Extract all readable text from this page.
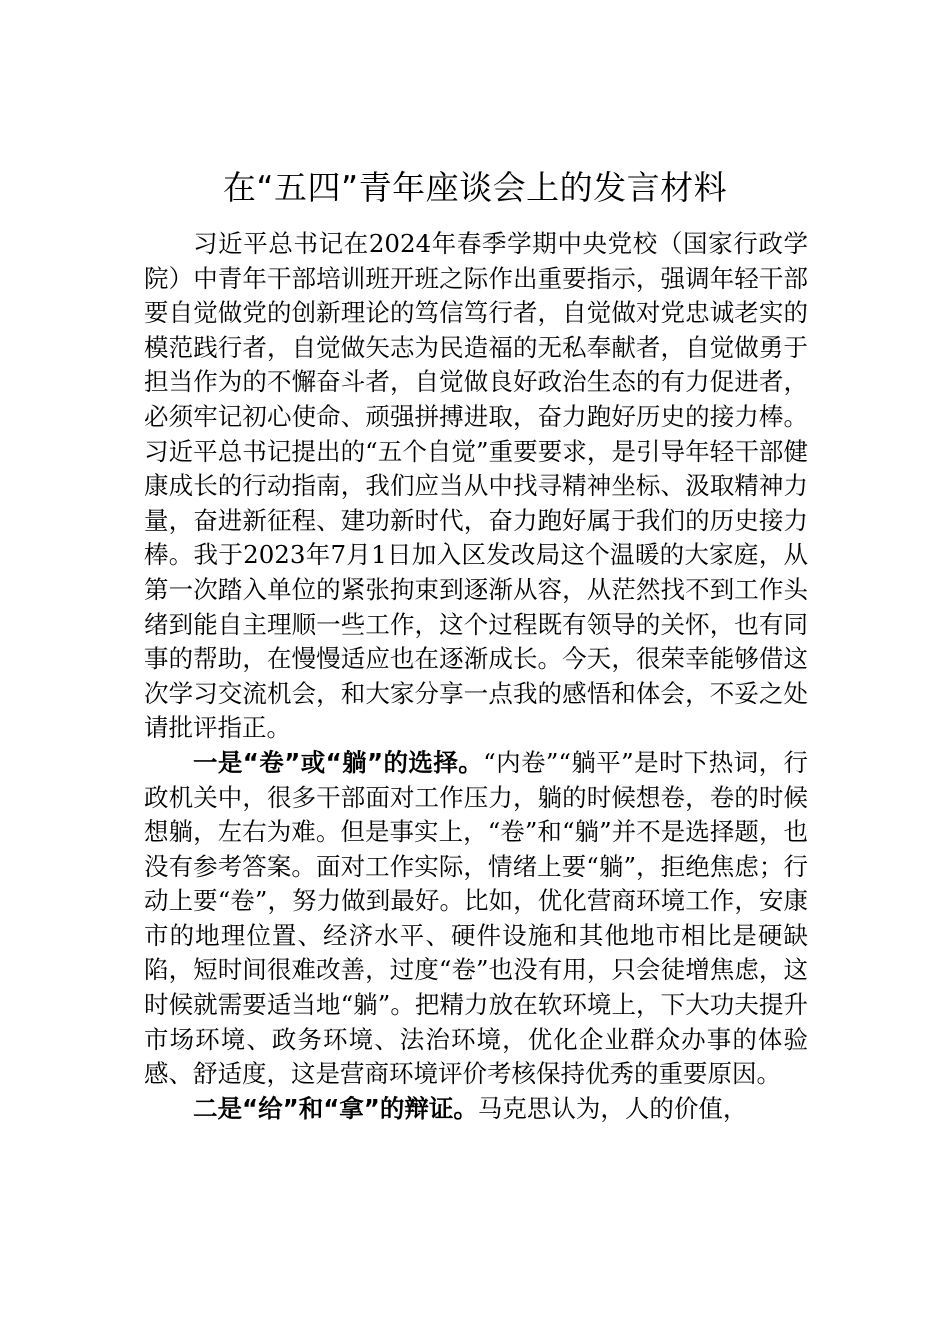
在“五四”青年座谈会上的发言材料

习近平总书记在2024年春季学期中央党校（国家行政学院）中青年干部培训班开班之际作出重要指示，强调年轻干部要自觉做党的创新理论的笃信笃行者，自觉做对党忠诚老实的模范践行者，自觉做矢志为民造福的无私奉献者，自觉做勇于担当作为的不懈奋斗者，自觉做良好政治生态的有力促进者，必须牢记初心使命、顽强拼搏进取，奋力跑好历史的接力棒。习近平总书记提出的“五个自觉”重要要求，是引导年轻干部健康成长的行动指南，我们应当从中找寻精神坐标、汲取精神力量，奋进新征程、建功新时代，奋力跑好属于我们的历史接力棒。我于2023年7月1日加入区发改局这个温暖的大家庭，从第一次踏入单位的紧张拘束到逐渐从容，从茫然找不到工作头绪到能自主理顺一些工作，这个过程既有领导的关怀，也有同事的帮助，在慢慢适应也在逐渐成长。今天，很荣幸能够借这次学习交流机会，和大家分享一点我的感悟和体会，不妥之处请批评指正。

一是“卷”或“躺”的选择。“内卷”“躺平”是时下热词，行政机关中，很多干部面对工作压力，躺的时候想卷，卷的时候想躺，左右为难。但是事实上，“卷”和“躺”并不是选择题，也没有参考答案。面对工作实际，情绪上要“躺”，拒绝焦虑；行动上要“卷”，努力做到最好。比如，优化营商环境工作，安康市的地理位置、经济水平、硬件设施和其他地市相比是硬缺陷，短时间很难改善，过度“卷”也没有用，只会徒增焦虑，这时候就需要适当地“躺”。把精力放在软环境上，下大功夫提升市场环境、政务环境、法治环境，优化企业群众办事的体验感、舒适度，这是营商环境评价考核保持优秀的重要原因。

二是“给”和“拿”的辩证。马克思认为，人的价值，
